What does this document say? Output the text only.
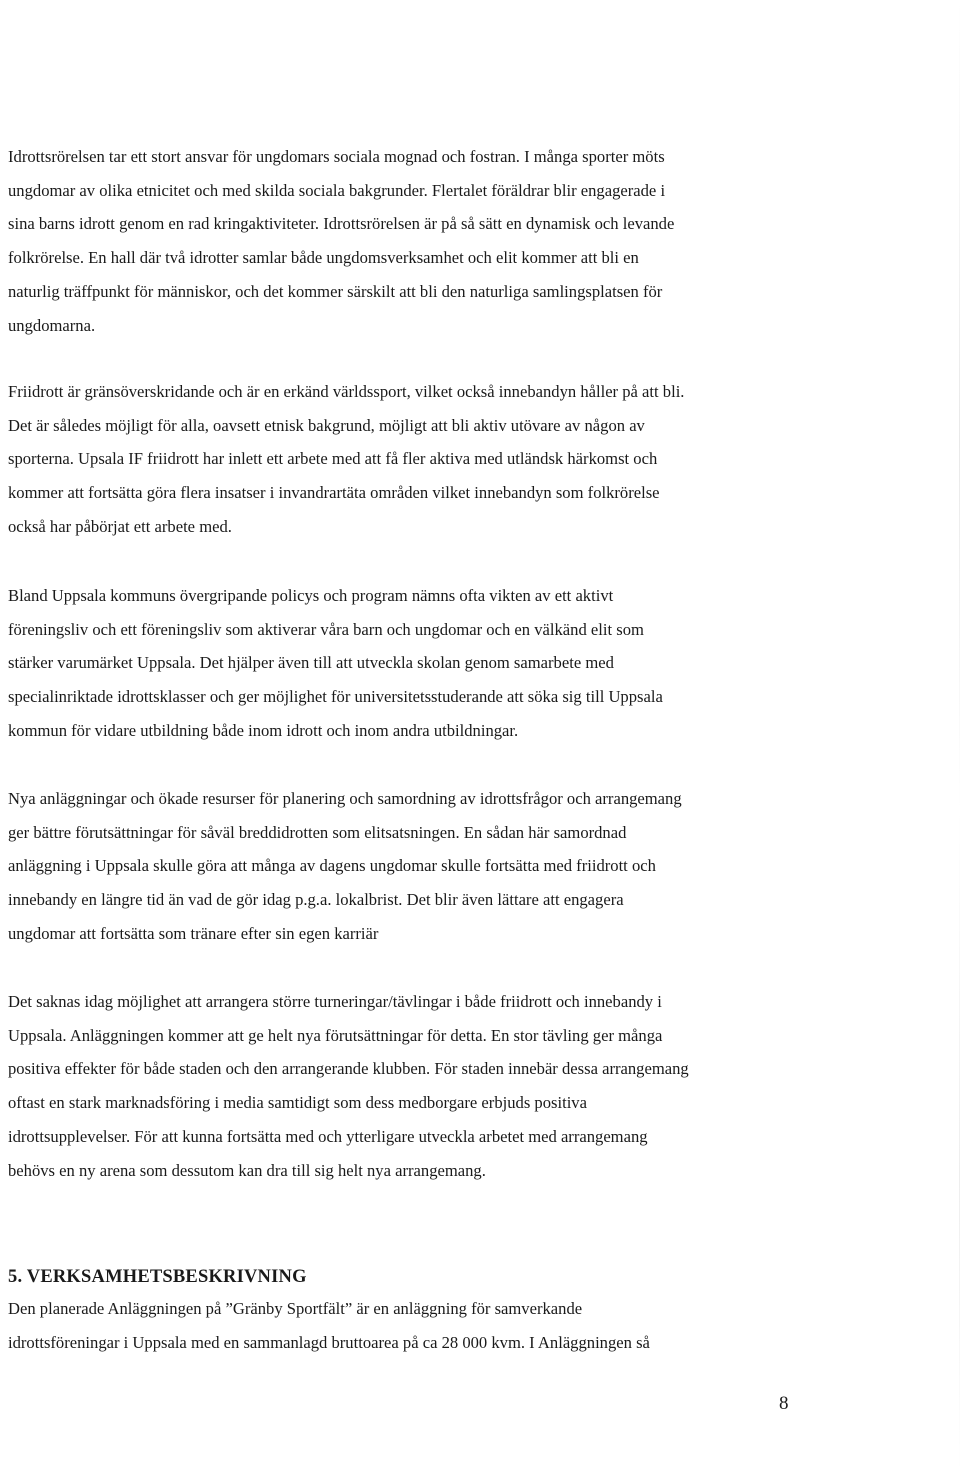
Idrottsrörelsen tar ett stort ansvar för ungdomars sociala mognad och fostran. I många sporter möts
ungdomar av olika etnicitet och med skilda sociala bakgrunder. Flertalet föräldrar blir engagerade i
sina barns idrott genom en rad kringaktiviteter. Idrottsrörelsen är på så sätt en dynamisk och levande
folkrörelse. En hall där två idrotter samlar både ungdomsverksamhet och elit kommer att bli en
naturlig träffpunkt för människor, och det kommer särskilt att bli den naturliga samlingsplatsen för
ungdomarna.
Friidrott är gränsöverskridande och är en erkänd världssport, vilket också innebandyn håller på att bli.
Det är således möjligt för alla, oavsett etnisk bakgrund, möjligt att bli aktiv utövare av någon av
sporterna. Upsala IF friidrott har inlett ett arbete med att få fler aktiva med utländsk härkomst och
kommer att fortsätta göra flera insatser i invandrartäta områden vilket innebandyn som folkrörelse
också har påbörjat ett arbete med.
Bland Uppsala kommuns övergripande policys och program nämns ofta vikten av ett aktivt
föreningsliv och ett föreningsliv som aktiverar våra barn och ungdomar och en välkänd elit som
stärker varumärket Uppsala. Det hjälper även till att utveckla skolan genom samarbete med
specialinriktade idrottsklasser och ger möjlighet för universitetsstuderande att söka sig till Uppsala
kommun för vidare utbildning både inom idrott och inom andra utbildningar.
Nya anläggningar och ökade resurser för planering och samordning av idrottsfrågor och arrangemang
ger bättre förutsättningar för såväl breddidrotten som elitsatsningen. En sådan här samordnad
anläggning i Uppsala skulle göra att många av dagens ungdomar skulle fortsätta med friidrott och
innebandy en längre tid än vad de gör idag p.g.a. lokalbrist. Det blir även lättare att engagera
ungdomar att fortsätta som tränare efter sin egen karriär
Det saknas idag möjlighet att arrangera större turneringar/tävlingar i både friidrott och innebandy i
Uppsala. Anläggningen kommer att ge helt nya förutsättningar för detta. En stor tävling ger många
positiva effekter för både staden och den arrangerande klubben. För staden innebär dessa arrangemang
oftast en stark marknadsföring i media samtidigt som dess medborgare erbjuds positiva
idrottsupplevelser. För att kunna fortsätta med och ytterligare utveckla arbetet med arrangemang
behövs en ny arena som dessutom kan dra till sig helt nya arrangemang.
5. VERKSAMHETSBESKRIVNING
Den planerade Anläggningen på ”Gränby Sportfält” är en anläggning för samverkande
idrottsföreningar i Uppsala med en sammanlagd bruttoarea på ca 28 000 kvm. I Anläggningen så
8
